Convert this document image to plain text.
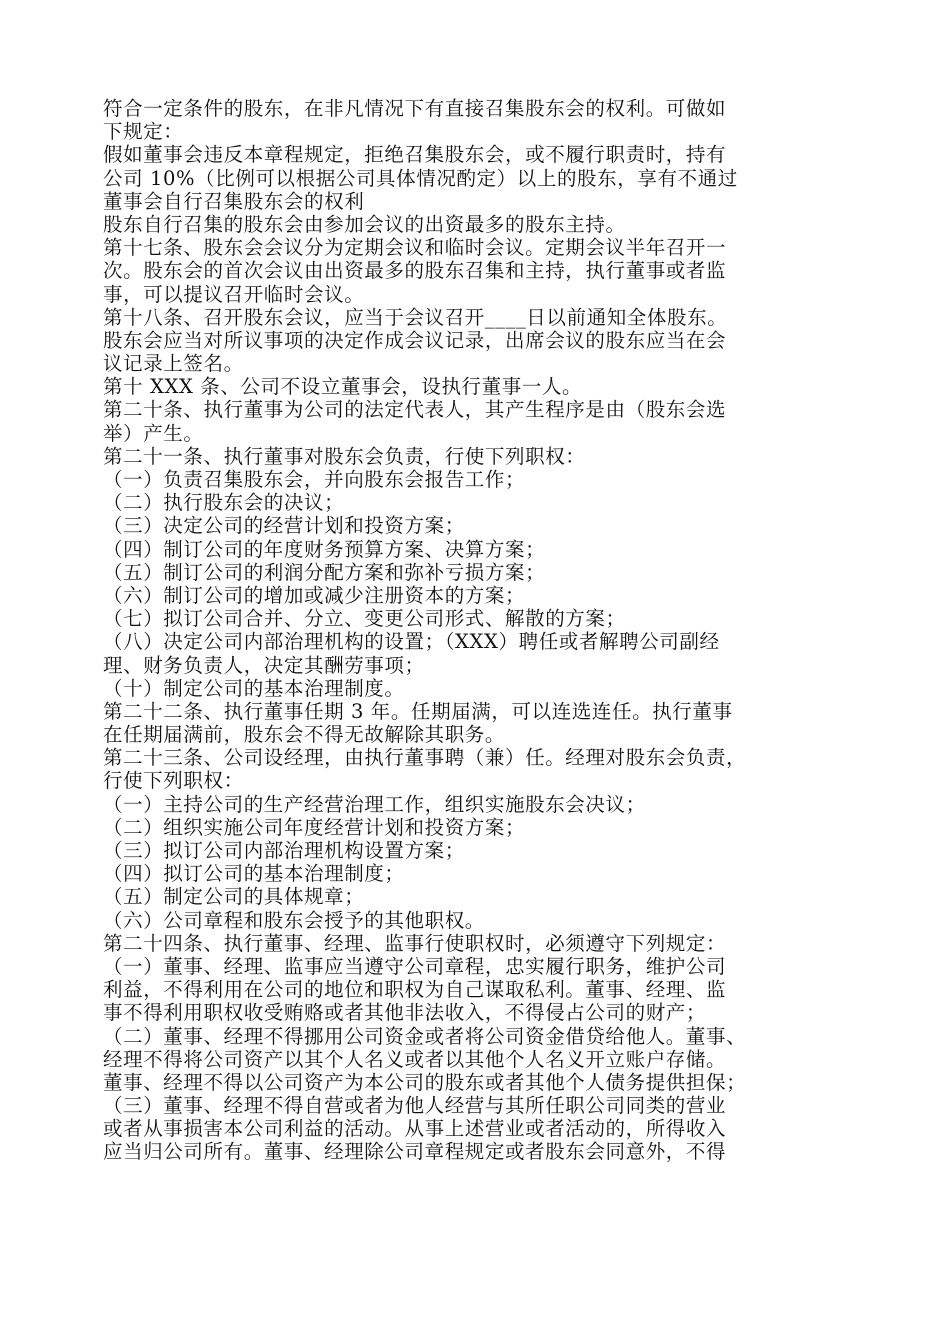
符合一定条件的股东，在非凡情况下有直接召集股东会的权利。可做如
下规定：
假如董事会违反本章程规定，拒绝召集股东会，或不履行职责时，持有
公司 10%（比例可以根据公司具体情况酌定）以上的股东，享有不通过
董事会自行召集股东会的权利
股东自行召集的股东会由参加会议的出资最多的股东主持。
第十七条、股东会会议分为定期会议和临时会议。定期会议半年召开一
次。股东会的首次会议由出资最多的股东召集和主持，执行董事或者监
事，可以提议召开临时会议。
第十八条、召开股东会议，应当于会议召开____日以前通知全体股东。
股东会应当对所议事项的决定作成会议记录，出席会议的股东应当在会
议记录上签名。
第十 XXX 条、公司不设立董事会，设执行董事一人。
第二十条、执行董事为公司的法定代表人，其产生程序是由（股东会选
举）产生。
第二十一条、执行董事对股东会负责，行使下列职权：
（一）负责召集股东会，并向股东会报告工作；
（二）执行股东会的决议；
（三）决定公司的经营计划和投资方案；
（四）制订公司的年度财务预算方案、决算方案；
（五）制订公司的利润分配方案和弥补亏损方案；
（六）制订公司的增加或减少注册资本的方案；
（七）拟订公司合并、分立、变更公司形式、解散的方案；
（八）决定公司内部治理机构的设置；（XXX）聘任或者解聘公司副经
理、财务负责人，决定其酬劳事项；
（十）制定公司的基本治理制度。
第二十二条、执行董事任期 3 年。任期届满，可以连选连任。执行董事
在任期届满前，股东会不得无故解除其职务。
第二十三条、公司设经理，由执行董事聘（兼）任。经理对股东会负责，
行使下列职权：
（一）主持公司的生产经营治理工作，组织实施股东会决议；
（二）组织实施公司年度经营计划和投资方案；
（三）拟订公司内部治理机构设置方案；
（四）拟订公司的基本治理制度；
（五）制定公司的具体规章；
（六）公司章程和股东会授予的其他职权。
第二十四条、执行董事、经理、监事行使职权时，必须遵守下列规定：
（一）董事、经理、监事应当遵守公司章程，忠实履行职务，维护公司
利益，不得利用在公司的地位和职权为自己谋取私利。董事、经理、监
事不得利用职权收受贿赂或者其他非法收入，不得侵占公司的财产；
（二）董事、经理不得挪用公司资金或者将公司资金借贷给他人。董事、
经理不得将公司资产以其个人名义或者以其他个人名义开立账户存储。
董事、经理不得以公司资产为本公司的股东或者其他个人债务提供担保；
（三）董事、经理不得自营或者为他人经营与其所任职公司同类的营业
或者从事损害本公司利益的活动。从事上述营业或者活动的，所得收入
应当归公司所有。董事、经理除公司章程规定或者股东会同意外，不得
